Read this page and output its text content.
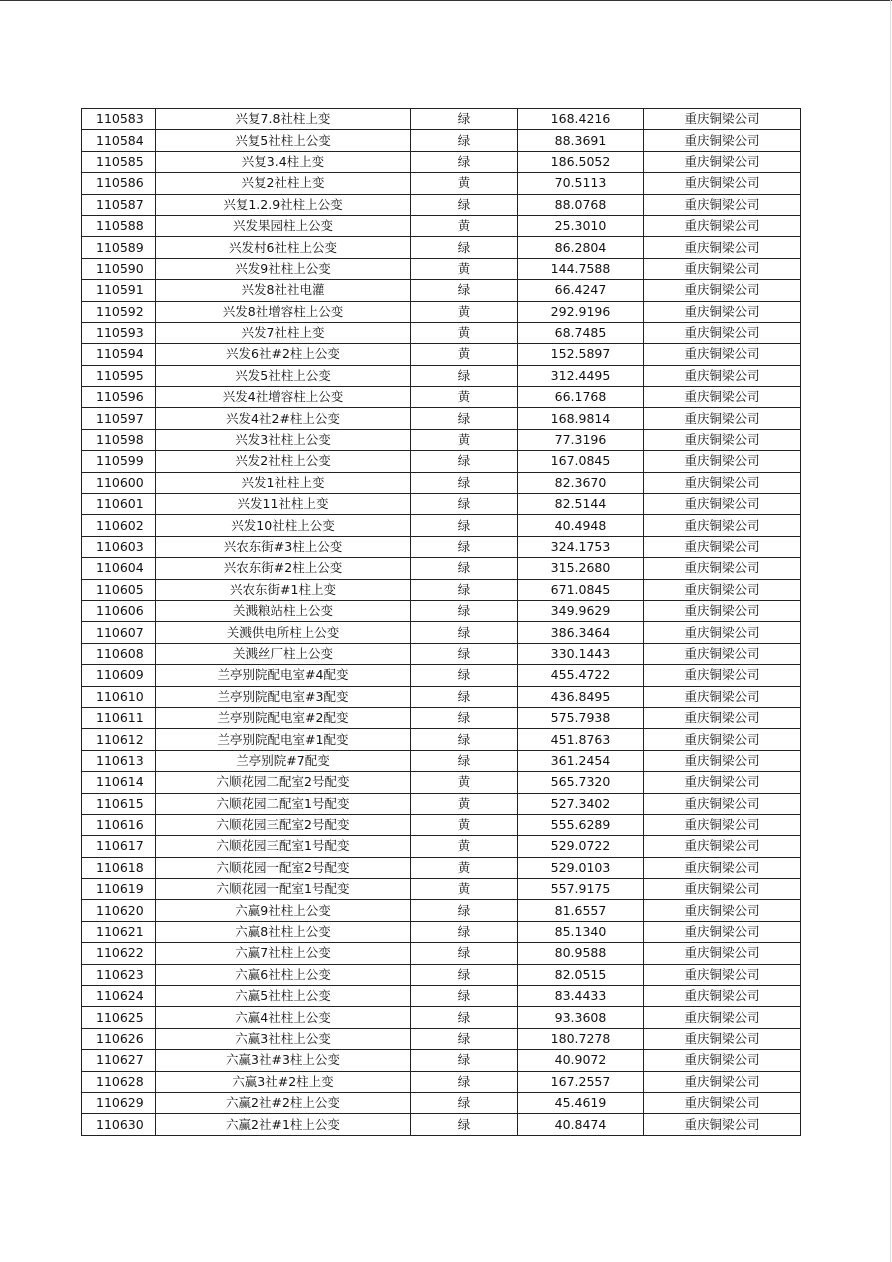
110583	兴复7.8社柱上变	绿	168.4216	重庆铜梁公司
110584	兴复5社柱上公变	绿	88.3691	重庆铜梁公司
110585	兴复3.4柱上变	绿	186.5052	重庆铜梁公司
110586	兴复2社柱上变	黄	70.5113	重庆铜梁公司
110587	兴复1.2.9社柱上公变	绿	88.0768	重庆铜梁公司
110588	兴发果园柱上公变	黄	25.3010	重庆铜梁公司
110589	兴发村6社柱上公变	绿	86.2804	重庆铜梁公司
110590	兴发9社柱上公变	黄	144.7588	重庆铜梁公司
110591	兴发8社社电灌	绿	66.4247	重庆铜梁公司
110592	兴发8社增容柱上公变	黄	292.9196	重庆铜梁公司
110593	兴发7社柱上变	黄	68.7485	重庆铜梁公司
110594	兴发6社#2柱上公变	黄	152.5897	重庆铜梁公司
110595	兴发5社柱上公变	绿	312.4495	重庆铜梁公司
110596	兴发4社增容柱上公变	黄	66.1768	重庆铜梁公司
110597	兴发4社2#柱上公变	绿	168.9814	重庆铜梁公司
110598	兴发3社柱上公变	黄	77.3196	重庆铜梁公司
110599	兴发2社柱上公变	绿	167.0845	重庆铜梁公司
110600	兴发1社柱上变	绿	82.3670	重庆铜梁公司
110601	兴发11社柱上变	绿	82.5144	重庆铜梁公司
110602	兴发10社柱上公变	绿	40.4948	重庆铜梁公司
110603	兴农东街#3柱上公变	绿	324.1753	重庆铜梁公司
110604	兴农东街#2柱上公变	绿	315.2680	重庆铜梁公司
110605	兴农东街#1柱上变	绿	671.0845	重庆铜梁公司
110606	关溅粮站柱上公变	绿	349.9629	重庆铜梁公司
110607	关溅供电所柱上公变	绿	386.3464	重庆铜梁公司
110608	关溅丝厂柱上公变	绿	330.1443	重庆铜梁公司
110609	兰亭别院配电室#4配变	绿	455.4722	重庆铜梁公司
110610	兰亭别院配电室#3配变	绿	436.8495	重庆铜梁公司
110611	兰亭别院配电室#2配变	绿	575.7938	重庆铜梁公司
110612	兰亭别院配电室#1配变	绿	451.8763	重庆铜梁公司
110613	兰亭别院#7配变	绿	361.2454	重庆铜梁公司
110614	六顺花园二配室2号配变	黄	565.7320	重庆铜梁公司
110615	六顺花园二配室1号配变	黄	527.3402	重庆铜梁公司
110616	六顺花园三配室2号配变	黄	555.6289	重庆铜梁公司
110617	六顺花园三配室1号配变	黄	529.0722	重庆铜梁公司
110618	六顺花园一配室2号配变	黄	529.0103	重庆铜梁公司
110619	六顺花园一配室1号配变	黄	557.9175	重庆铜梁公司
110620	六赢9社柱上公变	绿	81.6557	重庆铜梁公司
110621	六赢8社柱上公变	绿	85.1340	重庆铜梁公司
110622	六赢7社柱上公变	绿	80.9588	重庆铜梁公司
110623	六赢6社柱上公变	绿	82.0515	重庆铜梁公司
110624	六赢5社柱上公变	绿	83.4433	重庆铜梁公司
110625	六赢4社柱上公变	绿	93.3608	重庆铜梁公司
110626	六赢3社柱上公变	绿	180.7278	重庆铜梁公司
110627	六赢3社#3柱上公变	绿	40.9072	重庆铜梁公司
110628	六赢3社#2柱上变	绿	167.2557	重庆铜梁公司
110629	六赢2社#2柱上公变	绿	45.4619	重庆铜梁公司
110630	六赢2社#1柱上公变	绿	40.8474	重庆铜梁公司
